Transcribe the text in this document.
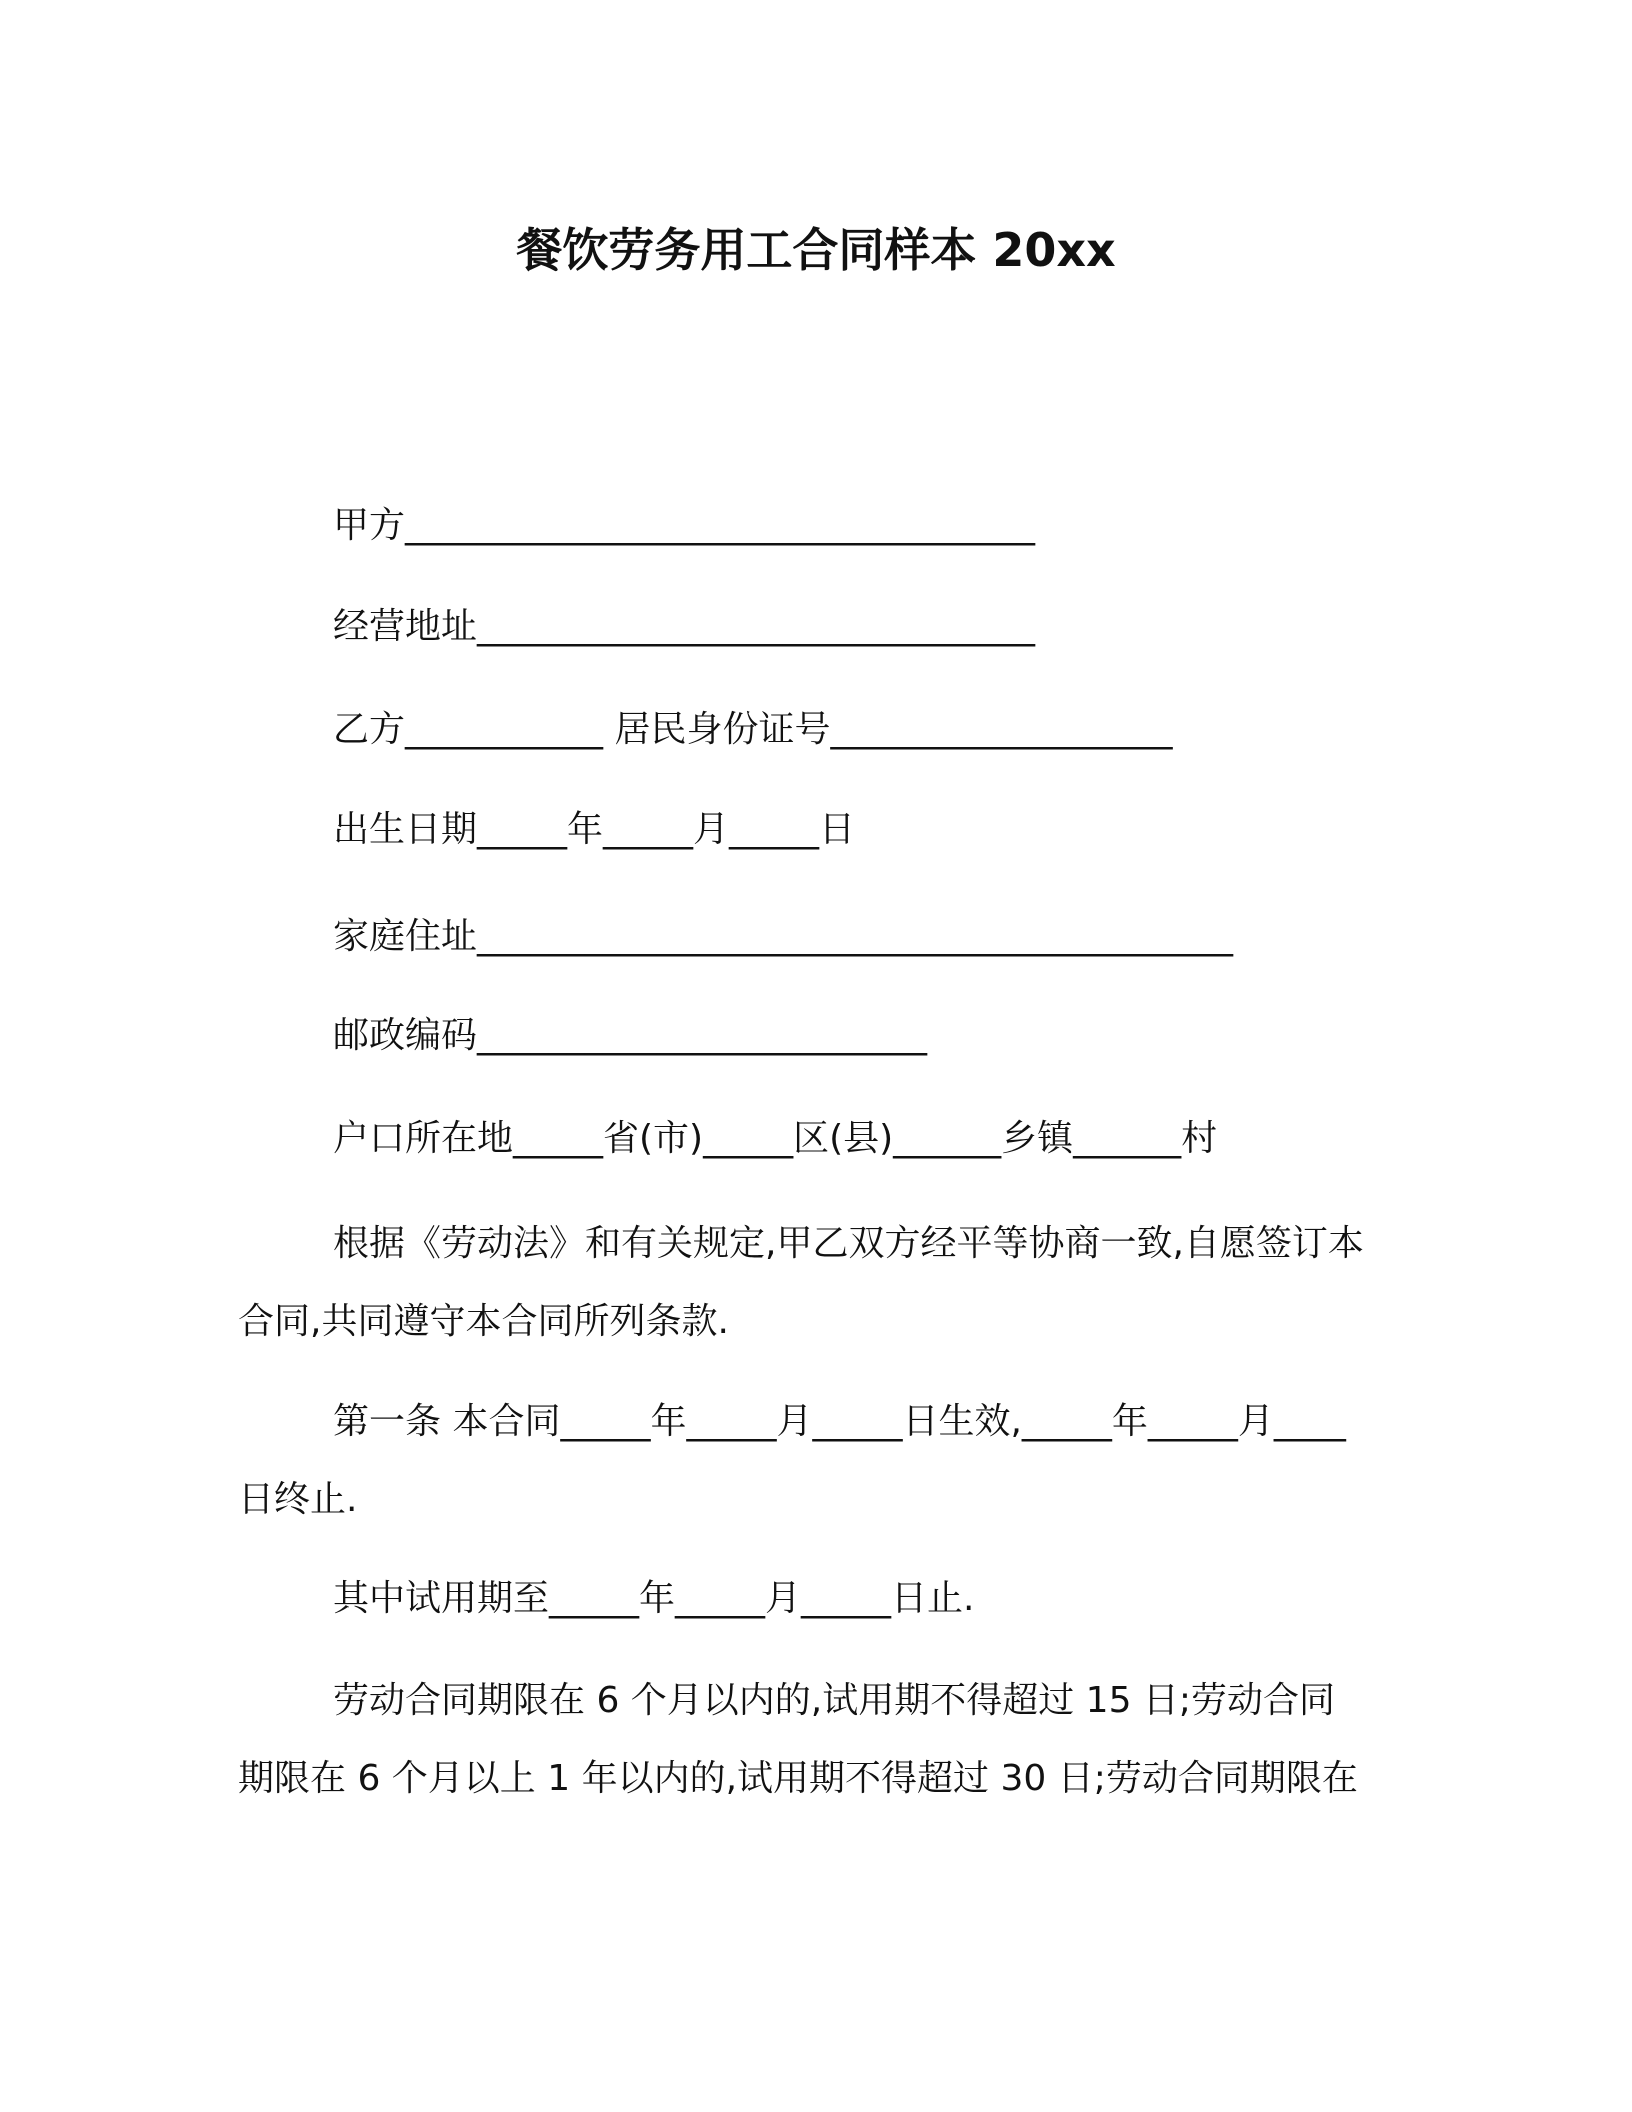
餐饮劳务用工合同样本 20xx
甲方___________________________________
经营地址_______________________________
乙方___________ 居民身份证号___________________
出生日期_____年_____月_____日
家庭住址__________________________________________
邮政编码_________________________
户口所在地_____省(市)_____区(县)______乡镇______村
根据《劳动法》和有关规定,甲乙双方经平等协商一致,自愿签订本合同,共同遵守本合同所列条款.
第一条 本合同_____年_____月_____日生效,_____年_____月____日终止.
其中试用期至_____年_____月_____日止.
劳动合同期限在 6 个月以内的,试用期不得超过 15 日;劳动合同期限在 6 个月以上 1 年以内的,试用期不得超过 30 日;劳动合同期限在
